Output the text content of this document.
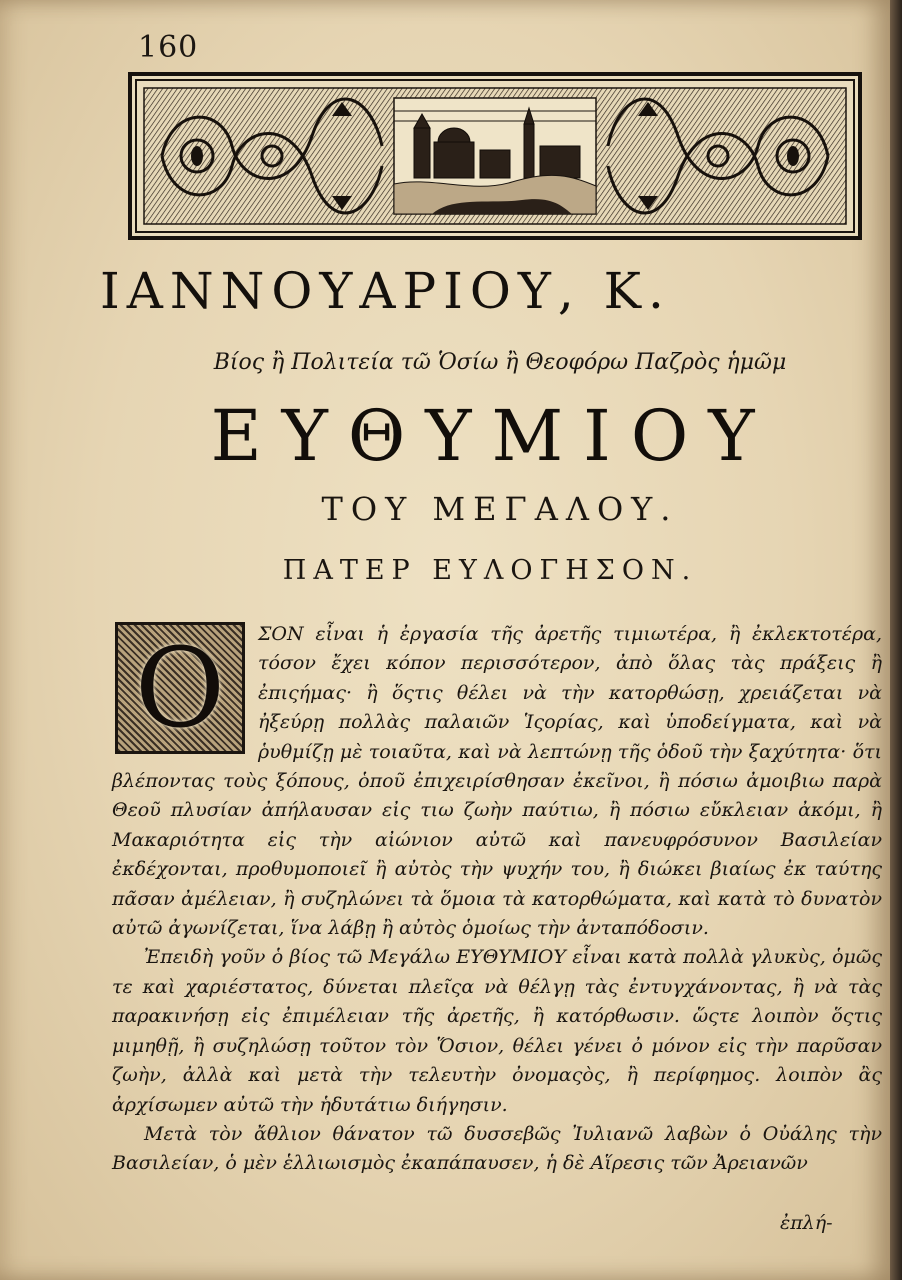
160
ΙΑΝΝΟΥΑΡΙΟΥ, Κ.
Βίος ἢ Πολιτεία τῶ Ὁσίω ἢ Θεοφόρω Παζρὸς ἡμῶμ
ΕΥΘΥΜΙΟΥ
ΤΟΥ ΜΕΓΑΛΟΥ.
ΠΑΤΕΡ ΕΥΛΟΓΗΣΟΝ.
Ο	ΣΟΝ εἶναι ἡ ἐργασία τῆς ἀρετῆς τιμιωτέρα, ἢ ἐκλεκτοτέρα, τόσον ἔχει κόπον περισσότερον, ἀπὸ ὅλας τὰς πράξεις ἢ ἐπιςήμας· ἢ ὅςτις θέλει νὰ τὴν κατορθώσῃ, χρειάζεται νὰ ἠξεύρῃ πολλὰς παλαιῶν Ἱςορίας, καὶ ὑποδείγματα, καὶ νὰ ῥυθμίζῃ μὲ τοιαῦτα, καὶ νὰ λεπτώνῃ τῆς ὁδοῦ τὴν ξαχύτητα· ὅτι βλέποντας τοὺς ξόπους, ὁποῦ ἐπιχειρίσθησαν ἐκεῖνοι, ἢ πόσιω ἀμοιβιω παρὰ Θεοῦ πλυσίαν ἀπήλαυσαν εἰς τιω ζωὴν παύτιω, ἢ πόσιω εὔκλειαν ἀκόμι, ἢ Μακαριότητα εἰς τὴν αἰώνιον αὐτῶ καὶ πανευφρόσυνον Βασιλείαν ἐκδέχονται, προθυμοποιεῖ ἢ αὐτὸς τὴν ψυχήν του, ἢ διώκει βιαίως ἐκ ταύτης πᾶσαν ἀμέλειαν, ἢ συζηλώνει τὰ ὅμοια τὰ κατορθώματα, καὶ κατὰ τὸ δυνατὸν αὐτῶ ἀγωνίζεται, ἵνα λάβῃ ἢ αὐτὸς ὁμοίως τὴν ἀνταπόδοσιν.

Ἐπειδὴ γοῦν ὁ βίος τῶ Μεγάλω ΕΥΘΥΜΙΟΥ εἶναι κατὰ πολλὰ γλυκὺς, ὁμῶς τε καὶ χαριέστατος, δύνεται πλεῖςα νὰ θέλγῃ τὰς ἐντυγχάνοντας, ἢ νὰ τὰς παρακινήσῃ εἰς ἐπιμέλειαν τῆς ἀρετῆς, ἢ κατόρθωσιν. ὥςτε λοιπὸν ὅςτις μιμηθῇ, ἢ συζηλώσῃ τοῦτον τὸν Ὅσιον, θέλει γένει ὀ μόνον εἰς τὴν παρῦσαν ζωὴν, ἀλλὰ καὶ μετὰ τὴν τελευτὴν ὀνομαςὸς, ἢ περίφημος. λοιπὸν ἂς ἀρχίσωμεν αὐτῶ τὴν ἡδυτάτιω διήγησιν.

Μετὰ τὸν ἄθλιον θάνατον τῶ δυσσεβῶς Ἰυλιανῶ λαβὼν ὁ Οὐάλης τὴν Βασιλείαν, ὁ μὲν ἑλλιωισμὸς ἐκαπάπαυσεν, ἡ δὲ Αἵρεσις τῶν Ἀρειανῶν

ἐπλή-
